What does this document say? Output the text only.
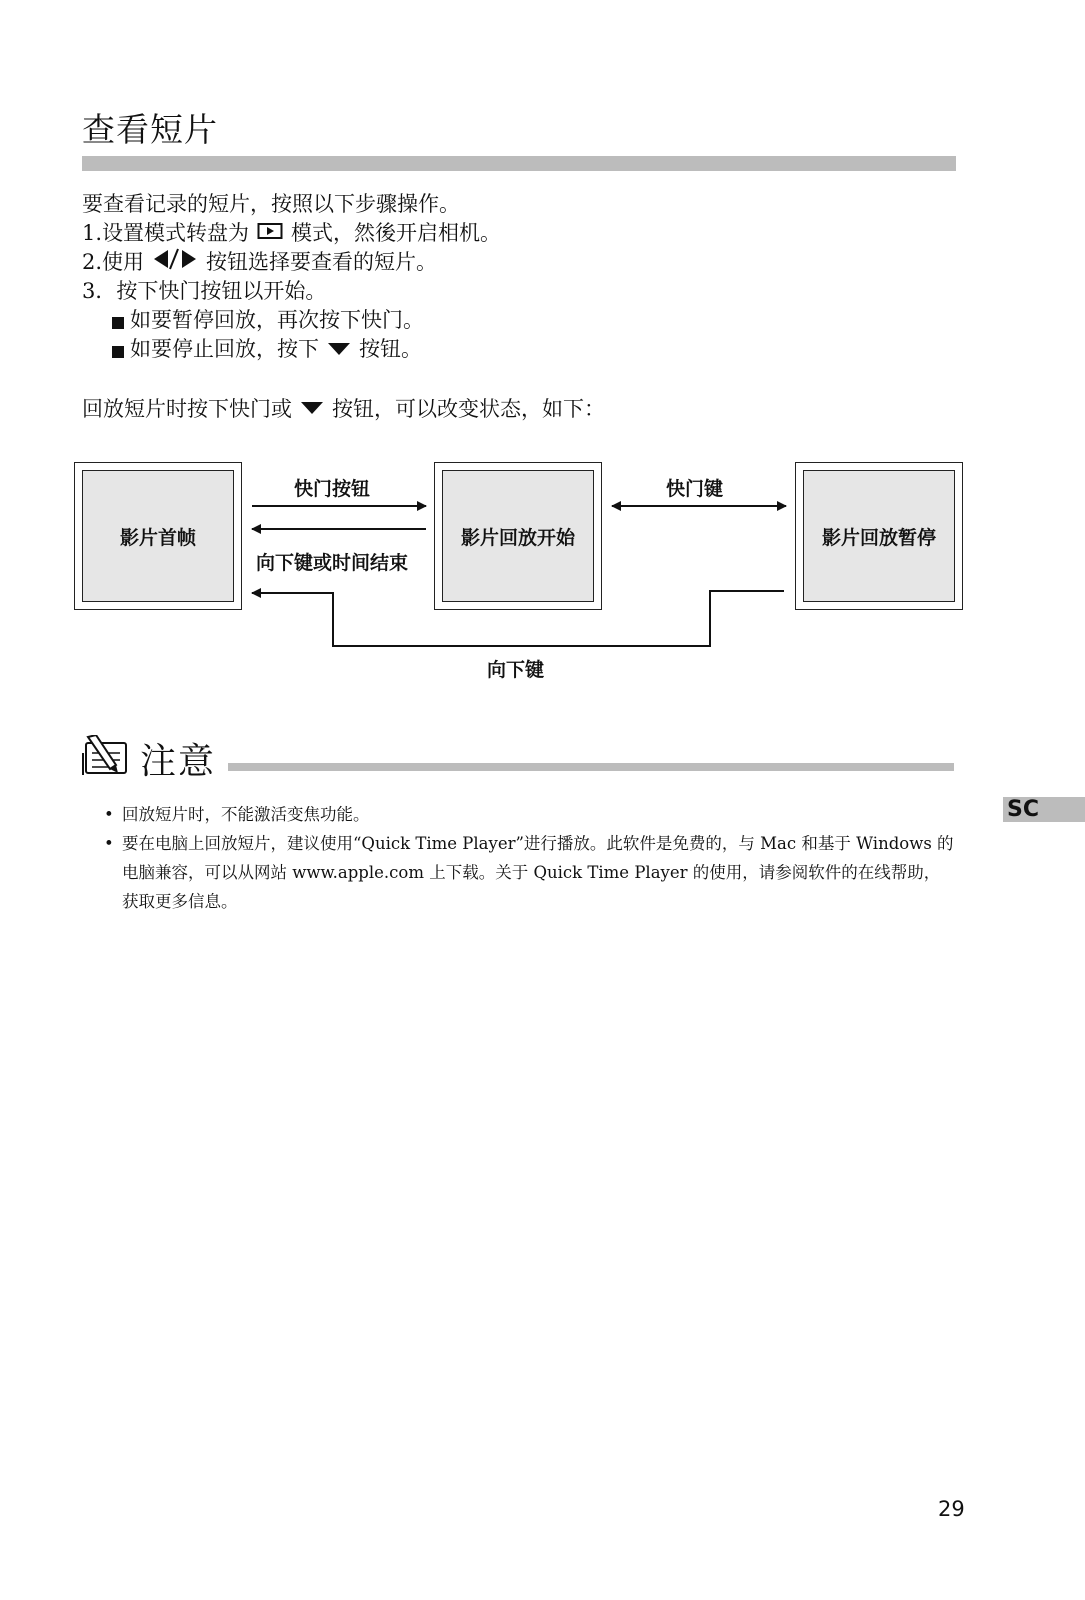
查看短片
要查看记录的短片，按照以下步骤操作。
1.设置模式转盘为 模式，然後开启相机。
2.使用	按钮选择要查看的短片。
3．按下快门按钮以开始。
如要暂停回放，再次按下快门。
如要停止回放，按下 按钮。
回放短片时按下快门或 按钮，可以改变状态，如下：
影片首帧	影片回放开始	影片回放暂停
快门按钮
向下键或时间结束
快门键
向下键
注意
• 回放短片时，不能激活变焦功能。
• 要在电脑上回放短片，建议使用“Quick Time Player”进行播放。此软件是免费的，与 Mac 和基于 Windows 的电脑兼容，可以从网站 www.apple.com 上下载。关于 Quick Time Player 的使用，请参阅软件的在线帮助，获取更多信息。
SC
29
